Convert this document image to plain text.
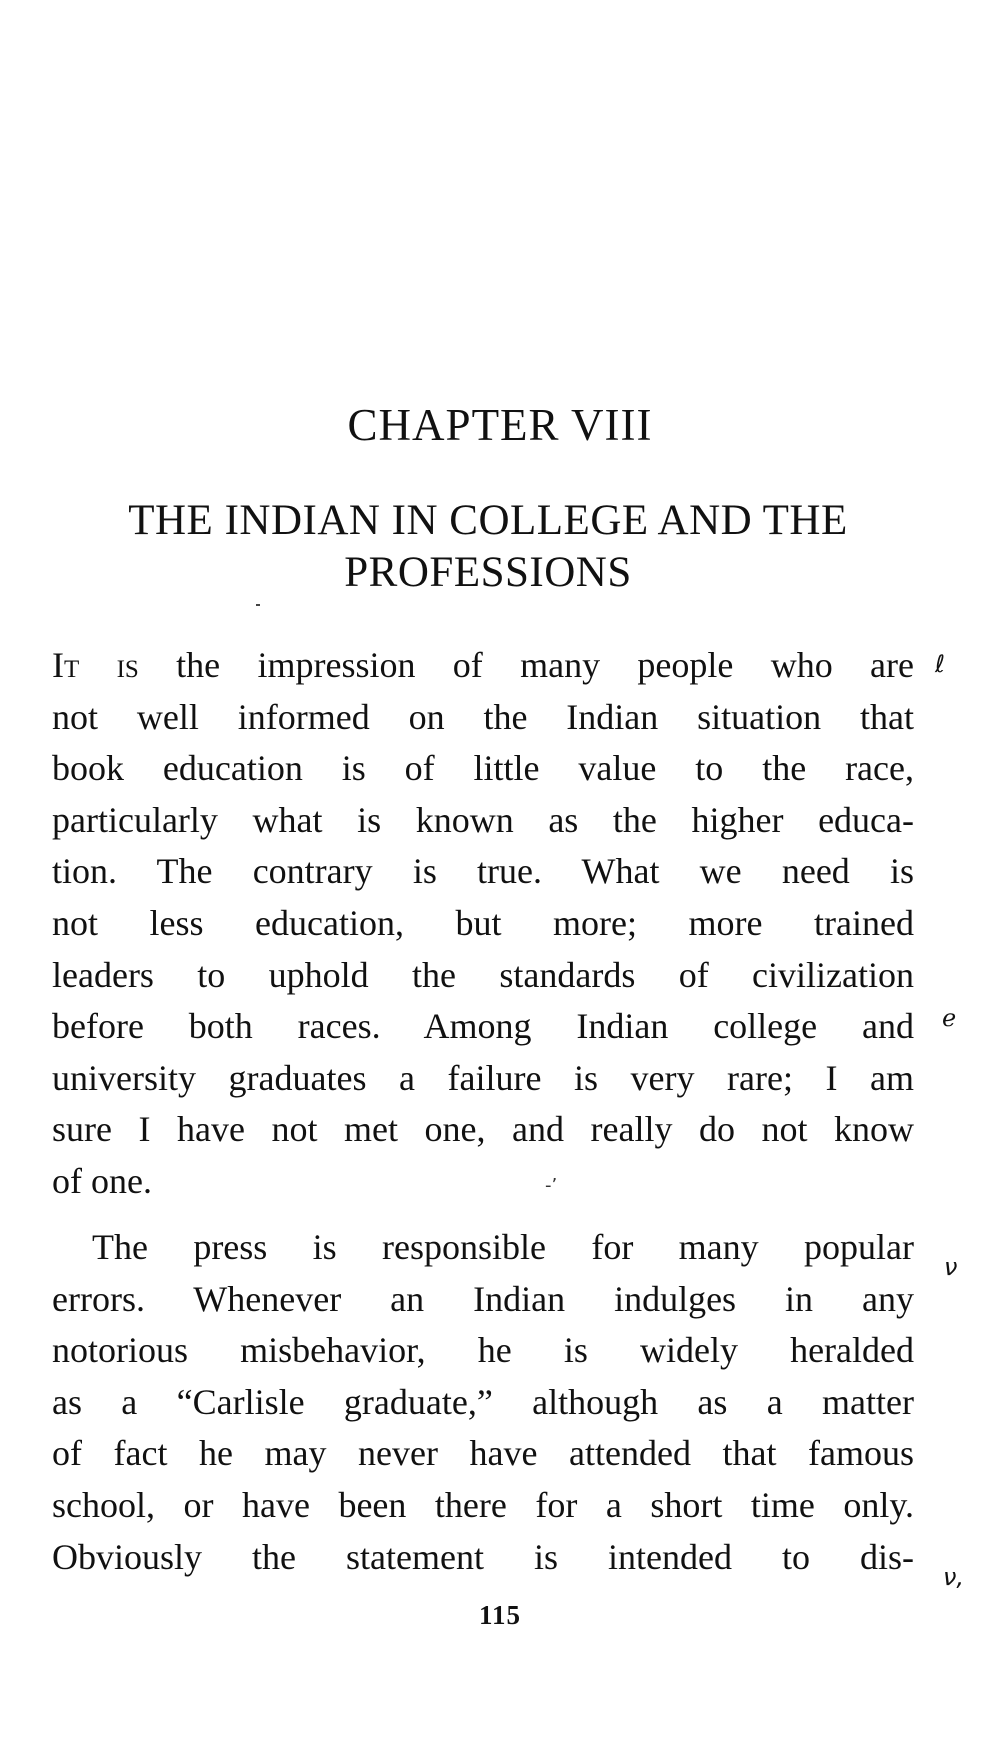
CHAPTER VIII
THE INDIAN IN COLLEGE AND THE
PROFESSIONS
It is the impression of many people who are
not well informed on the Indian situation that
book education is of little value to the race,
particularly what is known as the higher educa-
tion. The contrary is true. What we need is
not less education, but more; more trained
leaders to uphold the standards of civilization
before both races. Among Indian college and
university graduates a failure is very rare; I am
sure I have not met one, and really do not know
of one.	-’
The press is responsible for many popular
errors. Whenever an Indian indulges in any
notorious misbehavior, he is widely heralded
as a “Carlisle graduate,” although as a matter
of fact he may never have attended that famous
school, or have been there for a short time only.
Obviously the statement is intended to dis-
ℓ
ℯ
ν
ν,
115
